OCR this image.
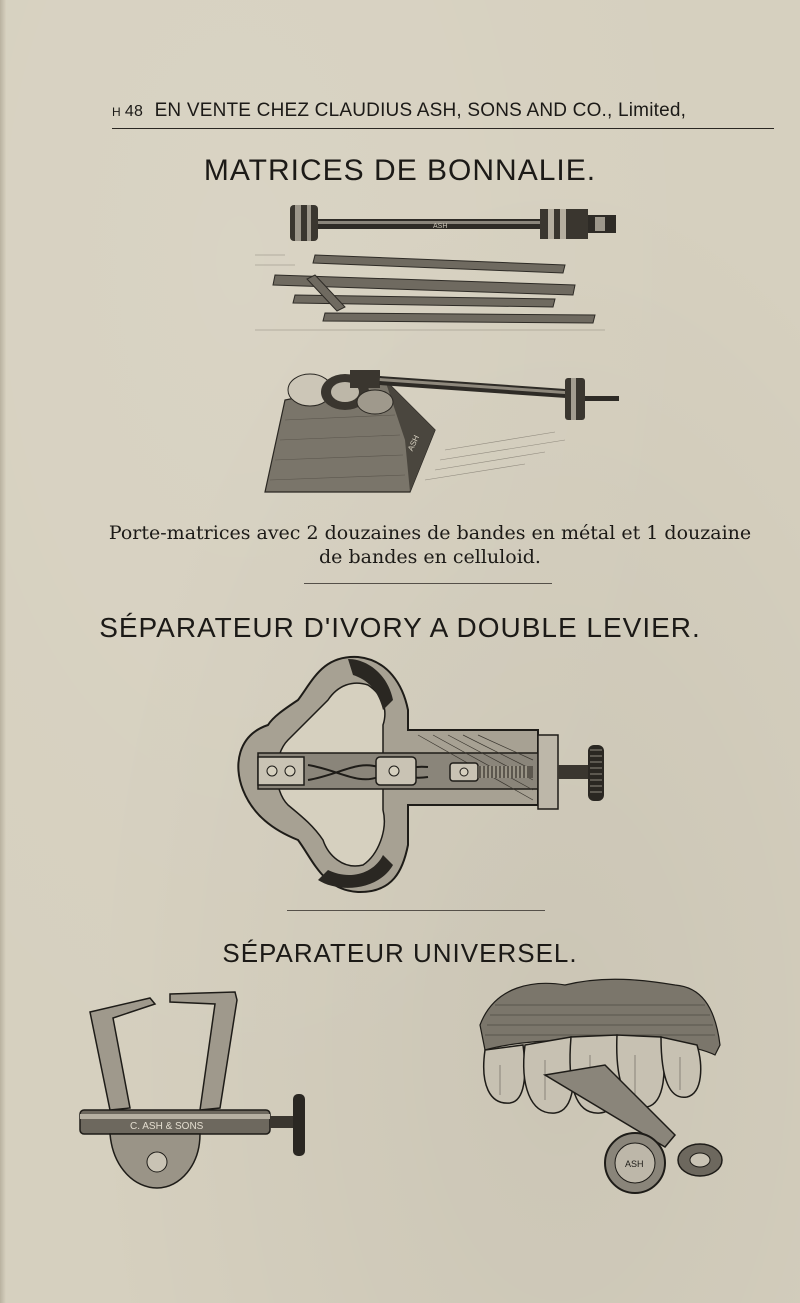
H 48 EN VENTE CHEZ CLAUDIUS ASH, SONS AND CO., Limited,
MATRICES DE BONNALIE.
ASH
ASH
Porte-matrices avec 2 douzaines de bandes en métal et 1 douzaine
de bandes en celluloid.
SÉPARATEUR D'IVORY A DOUBLE LEVIER.
SÉPARATEUR UNIVERSEL.
C. ASH & SONS
ASH
